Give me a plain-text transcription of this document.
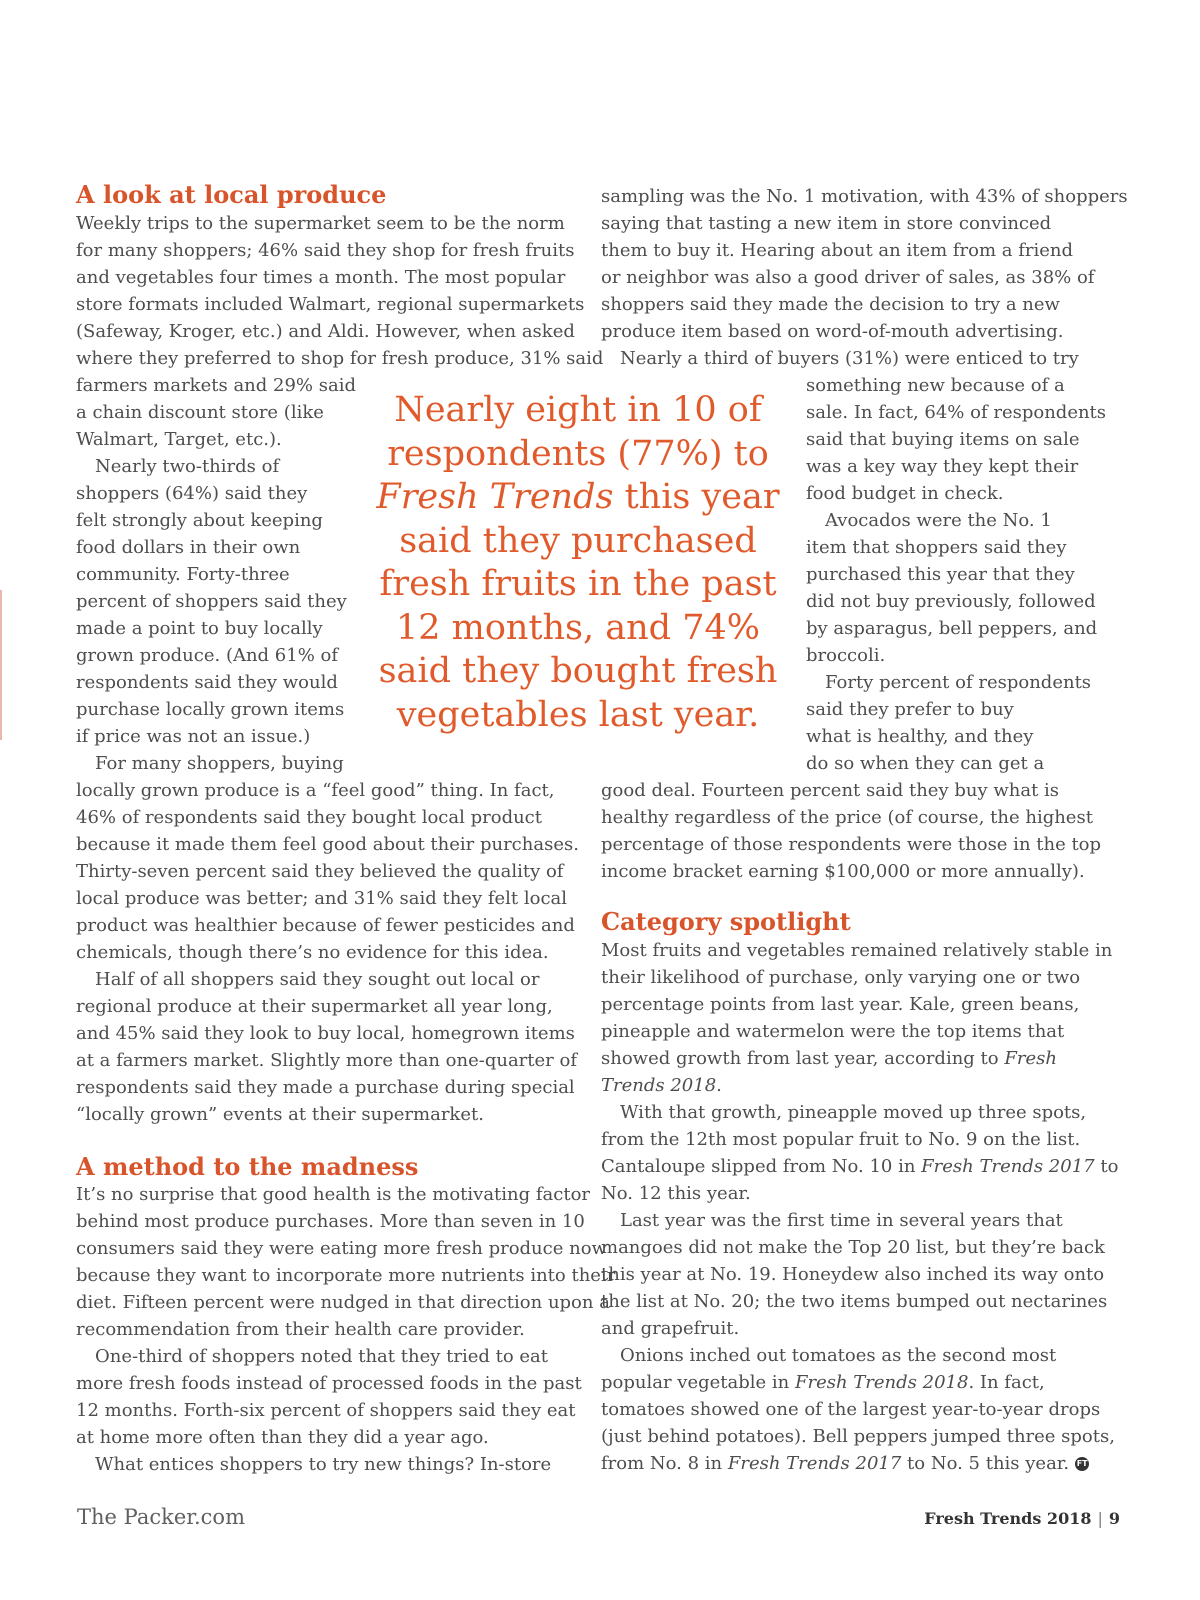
A look at local produce
Weekly trips to the supermarket seem to be the norm
for many shoppers; 46% said they shop for fresh fruits
and vegetables four times a month. The most popular
store formats included Walmart, regional supermarkets
(Safeway, Kroger, etc.) and Aldi. However, when asked
where they preferred to shop for fresh produce, 31% said
farmers markets and 29% said
a chain discount store (like
Walmart, Target, etc.).
Nearly two-thirds of
shoppers (64%) said they
felt strongly about keeping
food dollars in their own
community. Forty-three
percent of shoppers said they
made a point to buy locally
grown produce. (And 61% of
respondents said they would
purchase locally grown items
if price was not an issue.)
For many shoppers, buying
locally grown produce is a “feel good” thing. In fact,
46% of respondents said they bought local product
because it made them feel good about their purchases.
Thirty-seven percent said they believed the quality of
local produce was better; and 31% said they felt local
product was healthier because of fewer pesticides and
chemicals, though there’s no evidence for this idea.
Half of all shoppers said they sought out local or
regional produce at their supermarket all year long,
and 45% said they look to buy local, homegrown items
at a farmers market. Slightly more than one-quarter of
respondents said they made a purchase during special
“locally grown” events at their supermarket.
A method to the madness
It’s no surprise that good health is the motivating factor
behind most produce purchases. More than seven in 10
consumers said they were eating more fresh produce now
because they want to incorporate more nutrients into their
diet. Fifteen percent were nudged in that direction upon a
recommendation from their health care provider.
One-third of shoppers noted that they tried to eat
more fresh foods instead of processed foods in the past
12 months. Forth-six percent of shoppers said they eat
at home more often than they did a year ago.
What entices shoppers to try new things? In-store
sampling was the No. 1 motivation, with 43% of shoppers
saying that tasting a new item in store convinced
them to buy it. Hearing about an item from a friend
or neighbor was also a good driver of sales, as 38% of
shoppers said they made the decision to try a new
produce item based on word-of-mouth advertising.
Nearly a third of buyers (31%) were enticed to try
something new because of a
sale. In fact, 64% of respondents
said that buying items on sale
was a key way they kept their
food budget in check.
Avocados were the No. 1
item that shoppers said they
purchased this year that they
did not buy previously, followed
by asparagus, bell peppers, and
broccoli.
Forty percent of respondents
said they prefer to buy
what is healthy, and they
do so when they can get a
good deal. Fourteen percent said they buy what is
healthy regardless of the price (of course, the highest
percentage of those respondents were those in the top
income bracket earning $100,000 or more annually).
Category spotlight
Most fruits and vegetables remained relatively stable in
their likelihood of purchase, only varying one or two
percentage points from last year. Kale, green beans,
pineapple and watermelon were the top items that
showed growth from last year, according to Fresh
Trends 2018.
With that growth, pineapple moved up three spots,
from the 12th most popular fruit to No. 9 on the list.
Cantaloupe slipped from No. 10 in Fresh Trends 2017 to
No. 12 this year.
Last year was the first time in several years that
mangoes did not make the Top 20 list, but they’re back
this year at No. 19. Honeydew also inched its way onto
the list at No. 20; the two items bumped out nectarines
and grapefruit.
Onions inched out tomatoes as the second most
popular vegetable in Fresh Trends 2018. In fact,
tomatoes showed one of the largest year-to-year drops
(just behind potatoes). Bell peppers jumped three spots,
from No. 8 in Fresh Trends 2017 to No. 5 this year. FT
Nearly eight in 10 of
respondents (77%) to
Fresh Trends this year
said they purchased
fresh fruits in the past
12 months, and 74%
said they bought fresh
vegetables last year.
The Packer.com	Fresh Trends 2018 | 9
